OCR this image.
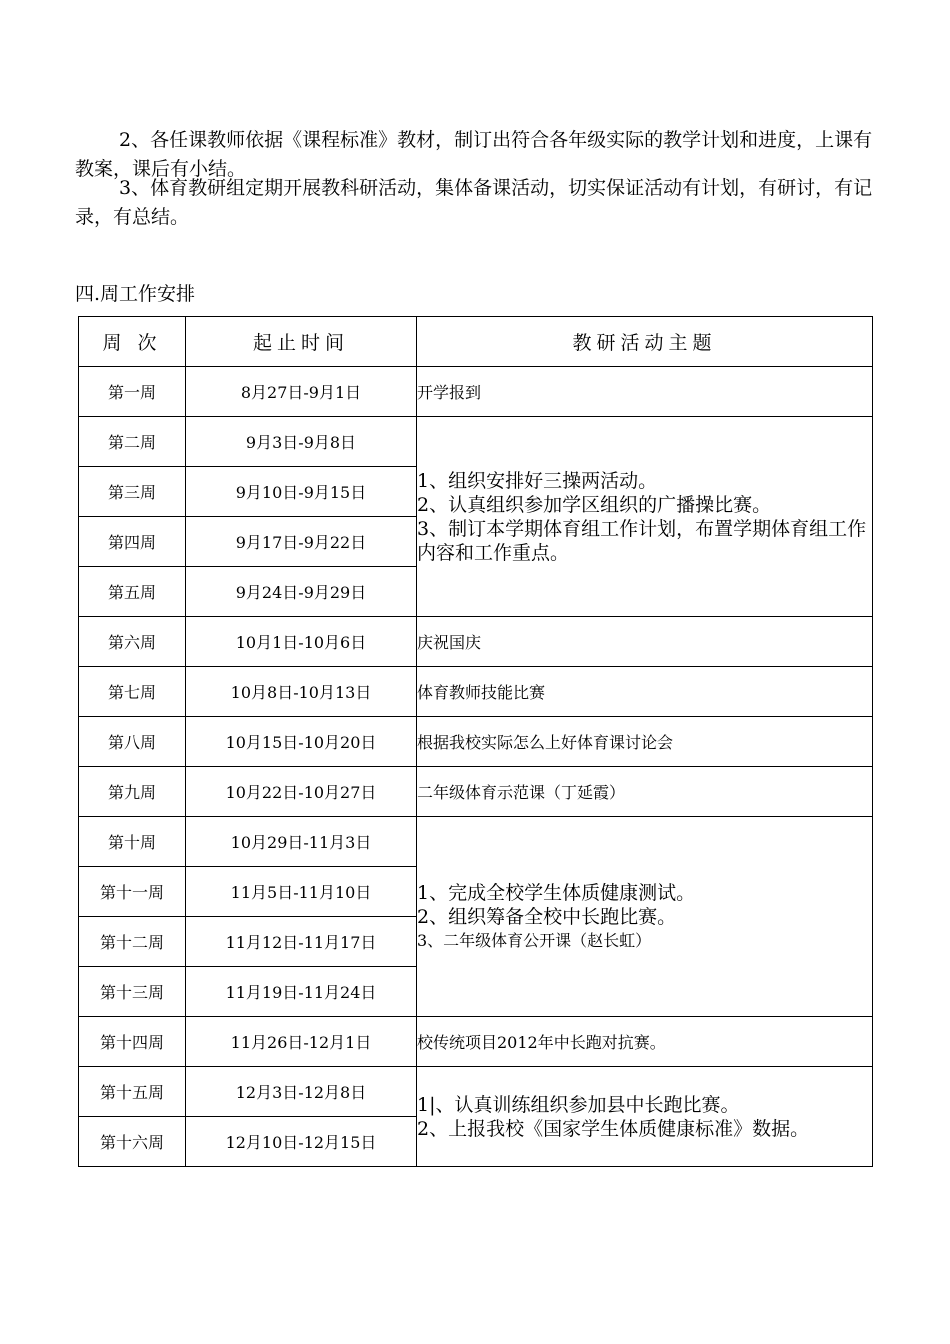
2、各任课教师依据《课程标准》教材，制订出符合各年级实际的教学计划和进度，上课有教案，课后有小结。

3、体育教研组定期开展教科研活动，集体备课活动，切实保证活动有计划，有研讨，有记录，有总结。

四.周工作安排

周 次	起止时间	教研活动主题
第一周	8月27日-9月1日	开学报到
第二周	9月3日-9月8日	1、组织安排好三操两活动。
2、认真组织参加学区组织的广播操比赛。
3、制订本学期体育组工作计划，布置学期体育组工作内容和工作重点。

第三周	9月10日-9月15日	
第四周	9月17日-9月22日	
第五周	9月24日-9月29日	
第六周	10月1日-10月6日	庆祝国庆
第七周	10月8日-10月13日	体育教师技能比赛
第八周	10月15日-10月20日	根据我校实际怎么上好体育课讨论会
第九周	10月22日-10月27日	二年级体育示范课（丁延霞）
第十周	10月29日-11月3日	1、完成全校学生体质健康测试。
2、组织筹备全校中长跑比赛。
3、二年级体育公开课（赵长虹）

第十一周	11月5日-11月10日	
第十二周	11月12日-11月17日	
第十三周	11月19日-11月24日	
第十四周	11月26日-12月1日	校传统项目2012年中长跑对抗赛。
第十五周	12月3日-12月8日	1|、认真训练组织参加县中长跑比赛。
2、上报我校《国家学生体质健康标准》数据。

第十六周	12月10日-12月15日	
